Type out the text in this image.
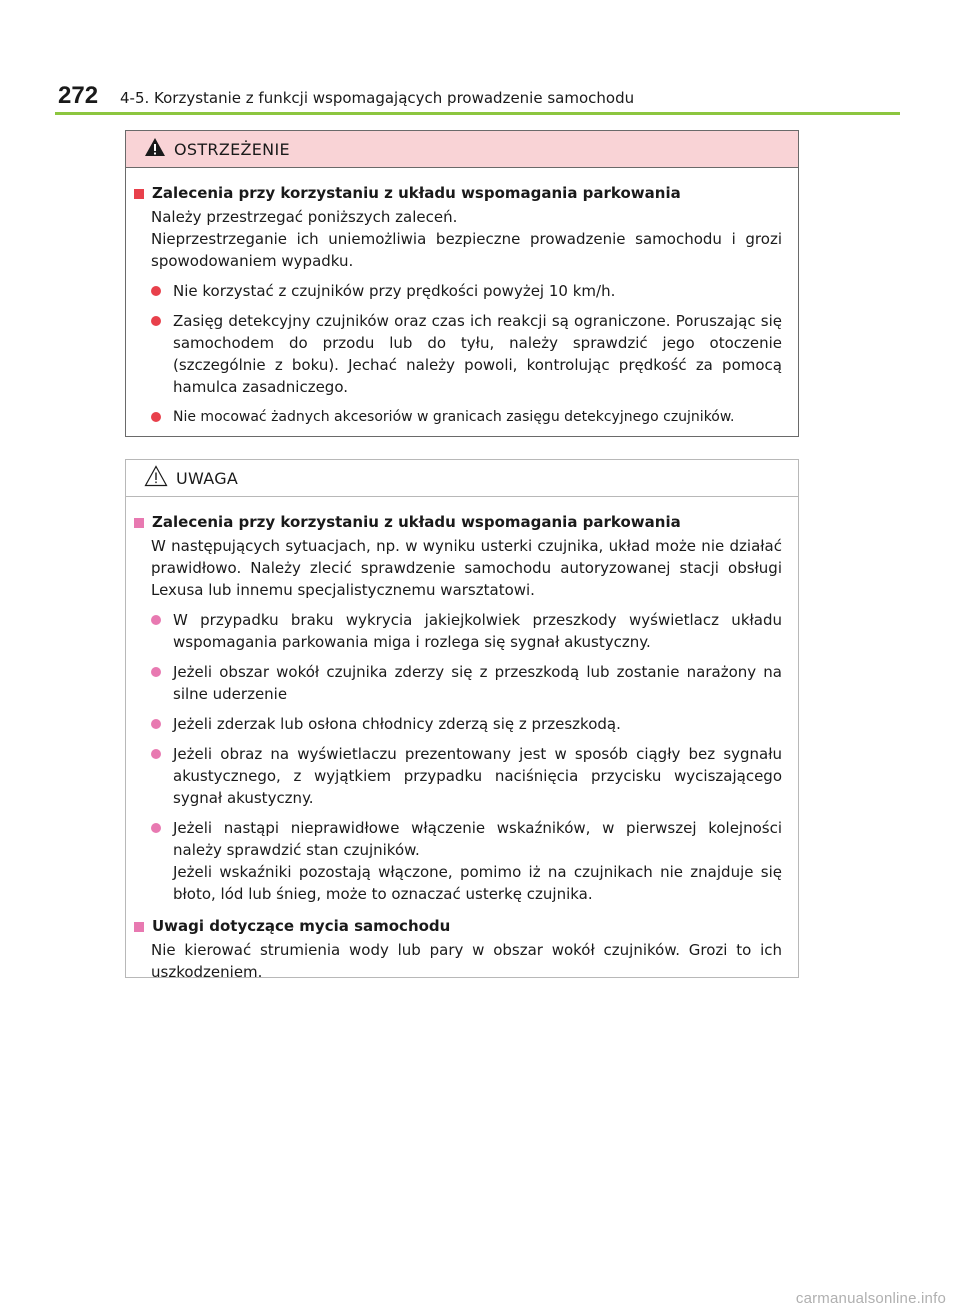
272	4-5. Korzystanie z funkcji wspomagających prowadzenie samochodu
OSTRZEŻENIE
Zalecenia przy korzystaniu z układu wspomagania parkowania

Należy przestrzegać poniższych zaleceń.

Nieprzestrzeganie ich uniemożliwia bezpieczne prowadzenie samochodu i grozi spowodowaniem wypadku.

Nie korzystać z czujników przy prędkości powyżej 10 km/h.
Zasięg detekcyjny czujników oraz czas ich reakcji są ograniczone. Poruszając się samochodem do przodu lub do tyłu, należy sprawdzić jego otoczenie (szczególnie z boku). Jechać należy powoli, kontrolując prędkość za pomocą hamulca zasadniczego.
Nie mocować żadnych akcesoriów w granicach zasięgu detekcyjnego czujników.
UWAGA
Zalecenia przy korzystaniu z układu wspomagania parkowania
W następujących sytuacjach, np. w wyniku usterki czujnika, układ może nie działać prawidłowo. Należy zlecić sprawdzenie samochodu autoryzowanej stacji obsługi Lexusa lub innemu specjalistycznemu warsztatowi.
W przypadku braku wykrycia jakiejkolwiek przeszkody wyświetlacz układu wspomagania parkowania miga i rozlega się sygnał akustyczny.
Jeżeli obszar wokół czujnika zderzy się z przeszkodą lub zostanie narażony na silne uderzenie
Jeżeli zderzak lub osłona chłodnicy zderzą się z przeszkodą.
Jeżeli obraz na wyświetlaczu prezentowany jest w sposób ciągły bez sygnału akustycznego, z wyjątkiem przypadku naciśnięcia przycisku wyciszającego sygnał akustyczny.

Jeżeli nastąpi nieprawidłowe włączenie wskaźników, w pierwszej kolejności należy sprawdzić stan czujników.

Jeżeli wskaźniki pozostają włączone, pomimo iż na czujnikach nie znajduje się błoto, lód lub śnieg, może to oznaczać usterkę czujnika.

Uwagi dotyczące mycia samochodu
Nie kierować strumienia wody lub pary w obszar wokół czujników. Grozi to ich uszkodzeniem.
carmanualsonline.info
